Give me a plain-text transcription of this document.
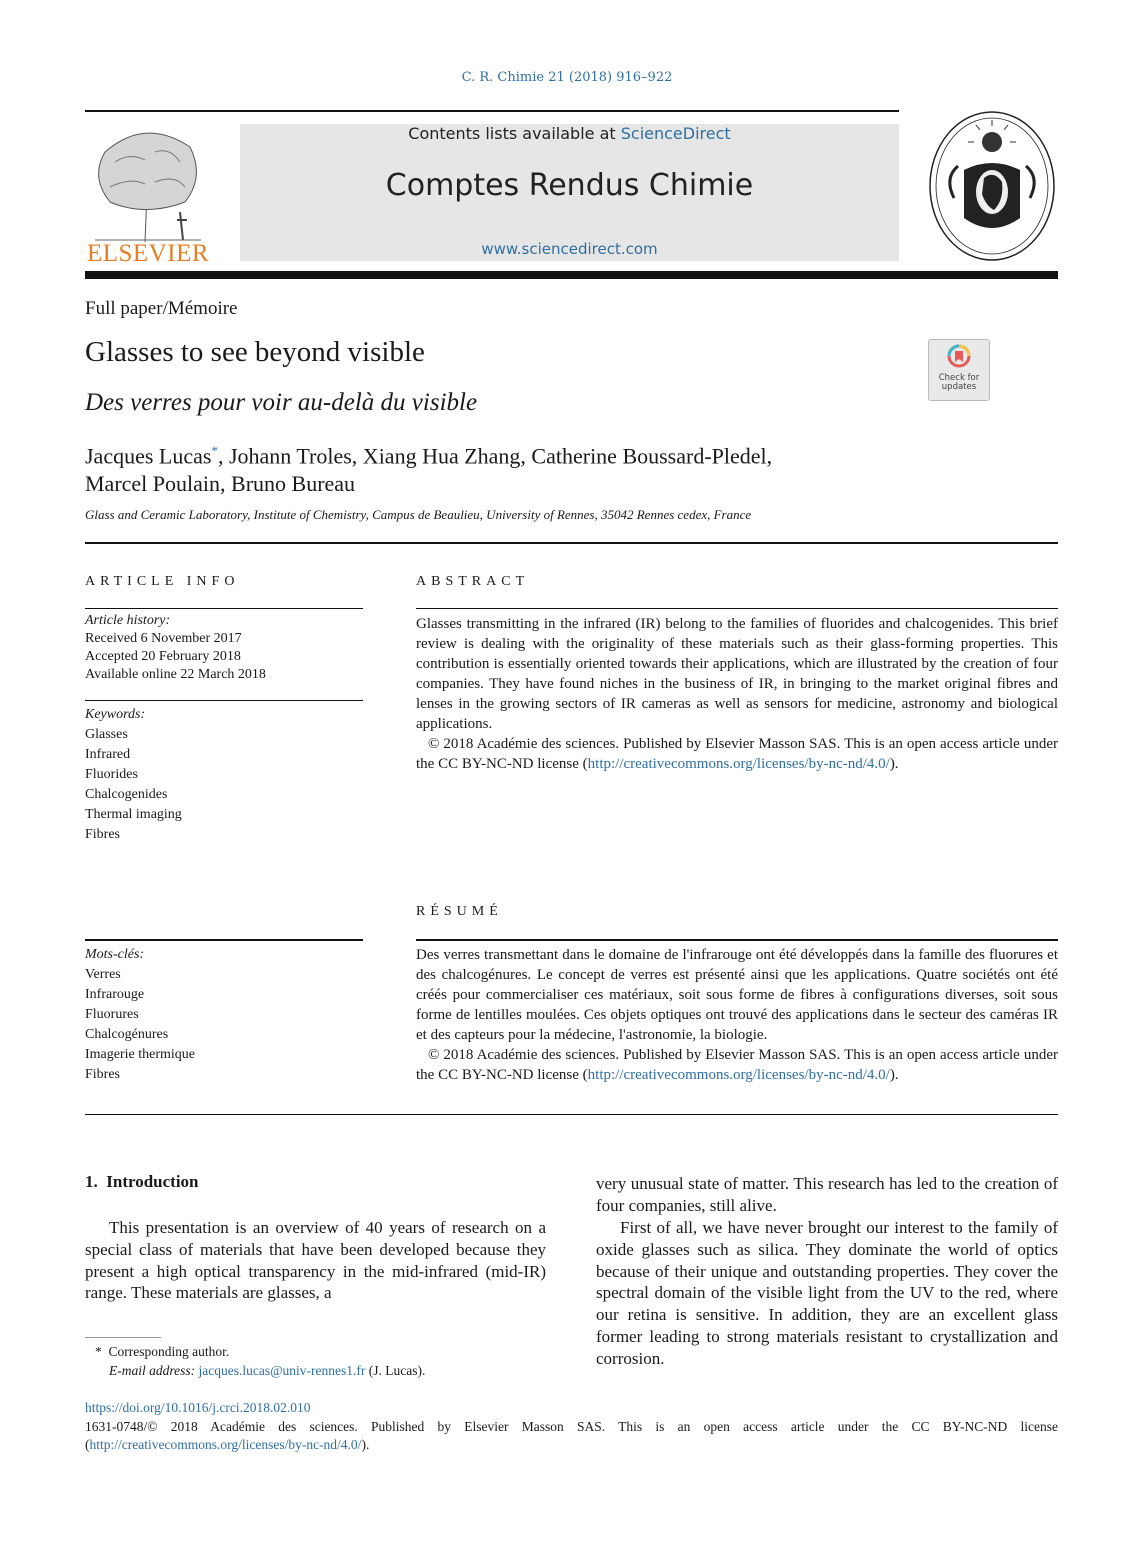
C. R. Chimie 21 (2018) 916–922
ELSEVIER
Contents lists available at ScienceDirect
Comptes Rendus Chimie
www.sciencedirect.com
Full paper/Mémoire
Glasses to see beyond visible
Des verres pour voir au-delà du visible
Check for updates
Jacques Lucas*, Johann Troles, Xiang Hua Zhang, Catherine Boussard-Pledel,
Marcel Poulain, Bruno Bureau
Glass and Ceramic Laboratory, Institute of Chemistry, Campus de Beaulieu, University of Rennes, 35042 Rennes cedex, France
ARTICLE INFO	ABSTRACT
RÉSUMÉ
Article history:
Received 6 November 2017
Accepted 20 February 2018
Available online 22 March 2018
Keywords:
Glasses
Infrared
Fluorides
Chalcogenides
Thermal imaging
Fibres
Mots-clés:
Verres
Infrarouge
Fluorures
Chalcogénures
Imagerie thermique
Fibres
Glasses transmitting in the infrared (IR) belong to the families of fluorides and chalcogenides. This brief review is dealing with the originality of these materials such as their glass-forming properties. This contribution is essentially oriented towards their applications, which are illustrated by the creation of four companies. They have found niches in the business of IR, in bringing to the market original fibres and lenses in the growing sectors of IR cameras as well as sensors for medicine, astronomy and biological applications.
© 2018 Académie des sciences. Published by Elsevier Masson SAS. This is an open access article under the CC BY-NC-ND license (http://creativecommons.org/licenses/by-nc-nd/4.0/).
Des verres transmettant dans le domaine de l'infrarouge ont été développés dans la famille des fluorures et des chalcogénures. Le concept de verres est présenté ainsi que les applications. Quatre sociétés ont été créés pour commercialiser ces matériaux, soit sous forme de fibres à configurations diverses, soit sous forme de lentilles moulées. Ces objets optiques ont trouvé des applications dans le secteur des caméras IR et des capteurs pour la médecine, l'astronomie, la biologie.
© 2018 Académie des sciences. Published by Elsevier Masson SAS. This is an open access article under the CC BY-NC-ND license (http://creativecommons.org/licenses/by-nc-nd/4.0/).
1.  Introduction
This presentation is an overview of 40 years of research on a special class of materials that have been developed because they present a high optical transparency in the mid-infrared (mid-IR) range. These materials are glasses, a
very unusual state of matter. This research has led to the creation of four companies, still alive.
First of all, we have never brought our interest to the family of oxide glasses such as silica. They dominate the world of optics because of their unique and outstanding properties. They cover the spectral domain of the visible light from the UV to the red, where our retina is sensitive. In addition, they are an excellent glass former leading to strong materials resistant to crystallization and corrosion.
* Corresponding author.
E-mail address: jacques.lucas@univ-rennes1.fr (J. Lucas).
https://doi.org/10.1016/j.crci.2018.02.010
1631-0748/© 2018 Académie des sciences. Published by Elsevier Masson SAS. This is an open access article under the CC BY-NC-ND license (http://creativecommons.org/licenses/by-nc-nd/4.0/).
